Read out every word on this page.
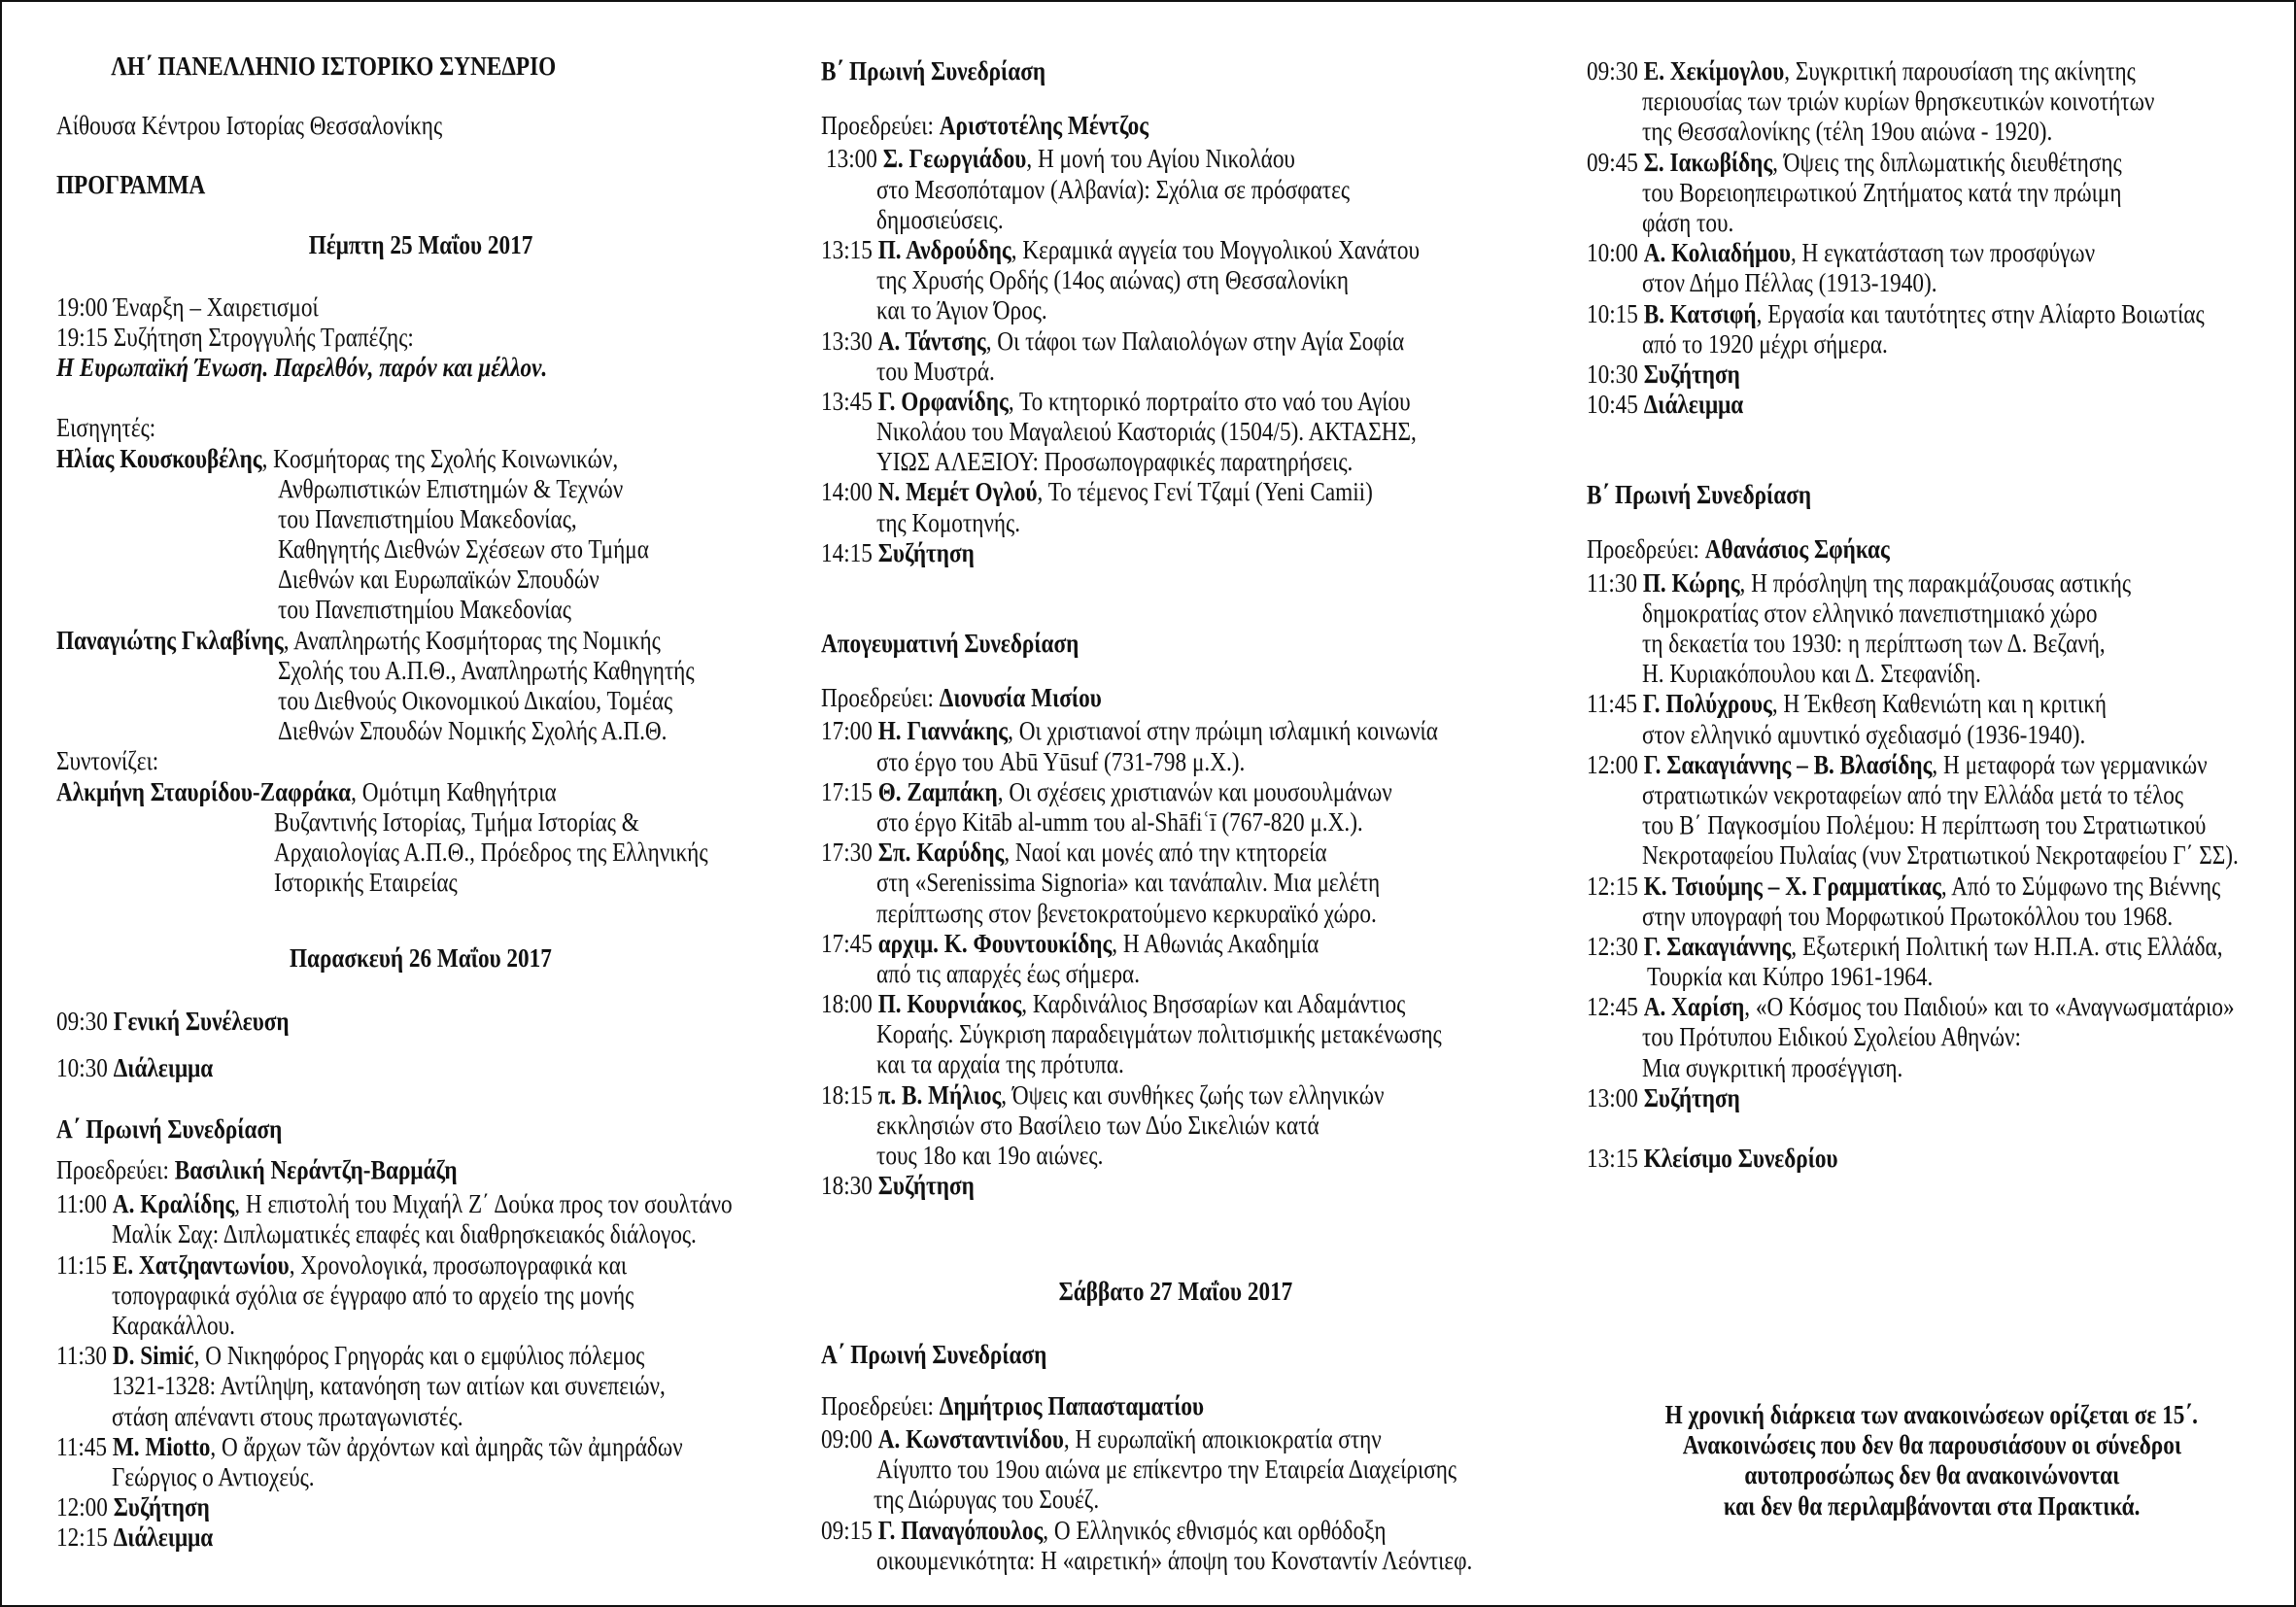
ΛΗ΄ ΠΑΝΕΛΛΗΝΙΟ ΙΣΤΟΡΙΚΟ ΣΥΝΕΔΡΙΟ
Αίθουσα Κέντρου Ιστορίας Θεσσαλονίκης
ΠΡΟΓΡΑΜΜΑ
Πέμπτη 25 Μαΐου 2017
19:00 Έναρξη – Χαιρετισμοί
19:15 Συζήτηση Στρογγυλής Τραπέζης:
Η Ευρωπαϊκή Ένωση. Παρελθόν, παρόν και μέλλον.
Εισηγητές:
Ηλίας Κουσκουβέλης, Κοσμήτορας της Σχολής Κοινωνικών,
Ανθρωπιστικών Επιστημών & Τεχνών
του Πανεπιστημίου Μακεδονίας,
Καθηγητής Διεθνών Σχέσεων στο Τμήμα
Διεθνών και Ευρωπαϊκών Σπουδών
του Πανεπιστημίου Μακεδονίας
Παναγιώτης Γκλαβίνης, Αναπληρωτής Κοσμήτορας της Νομικής
Σχολής του Α.Π.Θ., Αναπληρωτής Καθηγητής
του Διεθνούς Οικονομικού Δικαίου, Τομέας
Διεθνών Σπουδών Νομικής Σχολής Α.Π.Θ.
Συντονίζει:
Αλκμήνη Σταυρίδου-Ζαφράκα, Ομότιμη Καθηγήτρια
Βυζαντινής Ιστορίας, Τμήμα Ιστορίας &
Αρχαιολογίας Α.Π.Θ., Πρόεδρος της Ελληνικής
Ιστορικής Εταιρείας
Παρασκευή 26 Μαΐου 2017
09:30 Γενική Συνέλευση
10:30 Διάλειμμα
Α΄ Πρωινή Συνεδρίαση
Προεδρεύει: Βασιλική Νεράντζη-Βαρμάζη
11:00 Α. Κραλίδης, Η επιστολή του Μιχαήλ Ζ΄ Δούκα προς τον σουλτάνο
Μαλίκ Σαχ: Διπλωματικές επαφές και διαθρησκειακός διάλογος.
11:15 Ε. Χατζηαντωνίου, Χρονολογικά, προσωπογραφικά και
τοπογραφικά σχόλια σε έγγραφο από το αρχείο της μονής
Καρακάλλου.
11:30 D. Simić, Ο Νικηφόρος Γρηγοράς και ο εμφύλιος πόλεμος
1321-1328: Αντίληψη, κατανόηση των αιτίων και συνεπειών,
στάση απέναντι στους πρωταγωνιστές.
11:45 M. Miotto, Ο ἄρχων τῶν ἀρχόντων καὶ ἀμηρᾶς τῶν ἀμηράδων
Γεώργιος ο Αντιοχεύς.
12:00 Συζήτηση
12:15 Διάλειμμα
Β΄ Πρωινή Συνεδρίαση
Προεδρεύει: Αριστοτέλης Μέντζος
13:00 Σ. Γεωργιάδου, Η μονή του Αγίου Νικολάου
στο Μεσοπόταμον (Αλβανία): Σχόλια σε πρόσφατες
δημοσιεύσεις.
13:15 Π. Ανδρούδης, Κεραμικά αγγεία του Μογγολικού Χανάτου
της Χρυσής Ορδής (14ος αιώνας) στη Θεσσαλονίκη
και το Άγιον Όρος.
13:30 Α. Τάντσης, Οι τάφοι των Παλαιολόγων στην Αγία Σοφία
του Μυστρά.
13:45 Γ. Ορφανίδης, Το κτητορικό πορτραίτο στο ναό του Αγίου
Νικολάου του Μαγαλειού Καστοριάς (1504/5). ΑΚΤΑΣΗΣ,
ΥΙΩΣ ΑΛΕΞΙΟΥ: Προσωπογραφικές παρατηρήσεις.
14:00 Ν. Μεμέτ Ογλού, Το τέμενος Γενί Τζαμί (Yeni Camii)
της Κομοτηνής.
14:15 Συζήτηση
Απογευματινή Συνεδρίαση
Προεδρεύει: Διονυσία Μισίου
17:00 Η. Γιαννάκης, Οι χριστιανοί στην πρώιμη ισλαμική κοινωνία
στο έργο του Abū Yūsuf (731-798 μ.Χ.).
17:15 Θ. Ζαμπάκη, Οι σχέσεις χριστιανών και μουσουλμάνων
στο έργο Kitāb al-umm του al-Shāfiʿī (767-820 μ.Χ.).
17:30 Σπ. Καρύδης, Ναοί και μονές από την κτητορεία
στη «Serenissima Signoria» και τανάπαλιν. Μια μελέτη
περίπτωσης στον βενετοκρατούμενο κερκυραϊκό χώρο.
17:45 αρχιμ. Κ. Φουντουκίδης, Η Αθωνιάς Ακαδημία
από τις απαρχές έως σήμερα.
18:00 Π. Κουρνιάκος, Καρδινάλιος Βησσαρίων και Αδαμάντιος
Κοραής. Σύγκριση παραδειγμάτων πολιτισμικής μετακένωσης
και τα αρχαία της πρότυπα.
18:15 π. Β. Μήλιος, Όψεις και συνθήκες ζωής των ελληνικών
εκκλησιών στο Βασίλειο των Δύο Σικελιών κατά
τους 18ο και 19ο αιώνες.
18:30 Συζήτηση
Σάββατο 27 Μαΐου 2017
Α΄ Πρωινή Συνεδρίαση
Προεδρεύει: Δημήτριος Παπασταματίου
09:00 Α. Κωνσταντινίδου, Η ευρωπαϊκή αποικιοκρατία στην
Αίγυπτο του 19ου αιώνα με επίκεντρο την Εταιρεία Διαχείρισης
της Διώρυγας του Σουέζ.
09:15 Γ. Παναγόπουλος, Ο Ελληνικός εθνισμός και ορθόδοξη
οικουμενικότητα: Η «αιρετική» άποψη του Κονσταντίν Λεόντιεφ.
09:30 Ε. Χεκίμογλου, Συγκριτική παρουσίαση της ακίνητης
περιουσίας των τριών κυρίων θρησκευτικών κοινοτήτων
της Θεσσαλονίκης (τέλη 19ου αιώνα - 1920).
09:45 Σ. Ιακωβίδης, Όψεις της διπλωματικής διευθέτησης
του Βορειοηπειρωτικού Ζητήματος κατά την πρώιμη
φάση του.
10:00 Α. Κολιαδήμου, Η εγκατάσταση των προσφύγων
στον Δήμο Πέλλας (1913-1940).
10:15 Β. Κατσιφή, Εργασία και ταυτότητες στην Αλίαρτο Βοιωτίας
από το 1920 μέχρι σήμερα.
10:30 Συζήτηση
10:45 Διάλειμμα
Β΄ Πρωινή Συνεδρίαση
Προεδρεύει: Αθανάσιος Σφήκας
11:30 Π. Κώρης, Η πρόσληψη της παρακμάζουσας αστικής
δημοκρατίας στον ελληνικό πανεπιστημιακό χώρο
τη δεκαετία του 1930: η περίπτωση των Δ. Βεζανή,
Η. Κυριακόπουλου και Δ. Στεφανίδη.
11:45 Γ. Πολύχρους, Η Έκθεση Καθενιώτη και η κριτική
στον ελληνικό αμυντικό σχεδιασμό (1936-1940).
12:00 Γ. Σακαγιάννης – Β. Βλασίδης, Η μεταφορά των γερμανικών
στρατιωτικών νεκροταφείων από την Ελλάδα μετά το τέλος
του Β΄ Παγκοσμίου Πολέμου: Η περίπτωση του Στρατιωτικού
Νεκροταφείου Πυλαίας (νυν Στρατιωτικού Νεκροταφείου Γ΄ ΣΣ).
12:15 Κ. Τσιούμης – Χ. Γραμματίκας, Από το Σύμφωνο της Βιέννης
στην υπογραφή του Μορφωτικού Πρωτοκόλλου του 1968.
12:30 Γ. Σακαγιάννης, Εξωτερική Πολιτική των Η.Π.Α. στις Ελλάδα,
Τουρκία και Κύπρο 1961-1964.
12:45 Α. Χαρίση, «Ο Κόσμος του Παιδιού» και το «Αναγνωσματάριο»
του Πρότυπου Ειδικού Σχολείου Αθηνών:
Μια συγκριτική προσέγγιση.
13:00 Συζήτηση
13:15 Κλείσιμο Συνεδρίου
Η χρονική διάρκεια των ανακοινώσεων ορίζεται σε 15΄.
Ανακοινώσεις που δεν θα παρουσιάσουν οι σύνεδροι
αυτοπροσώπως δεν θα ανακοινώνονται
και δεν θα περιλαμβάνονται στα Πρακτικά.
